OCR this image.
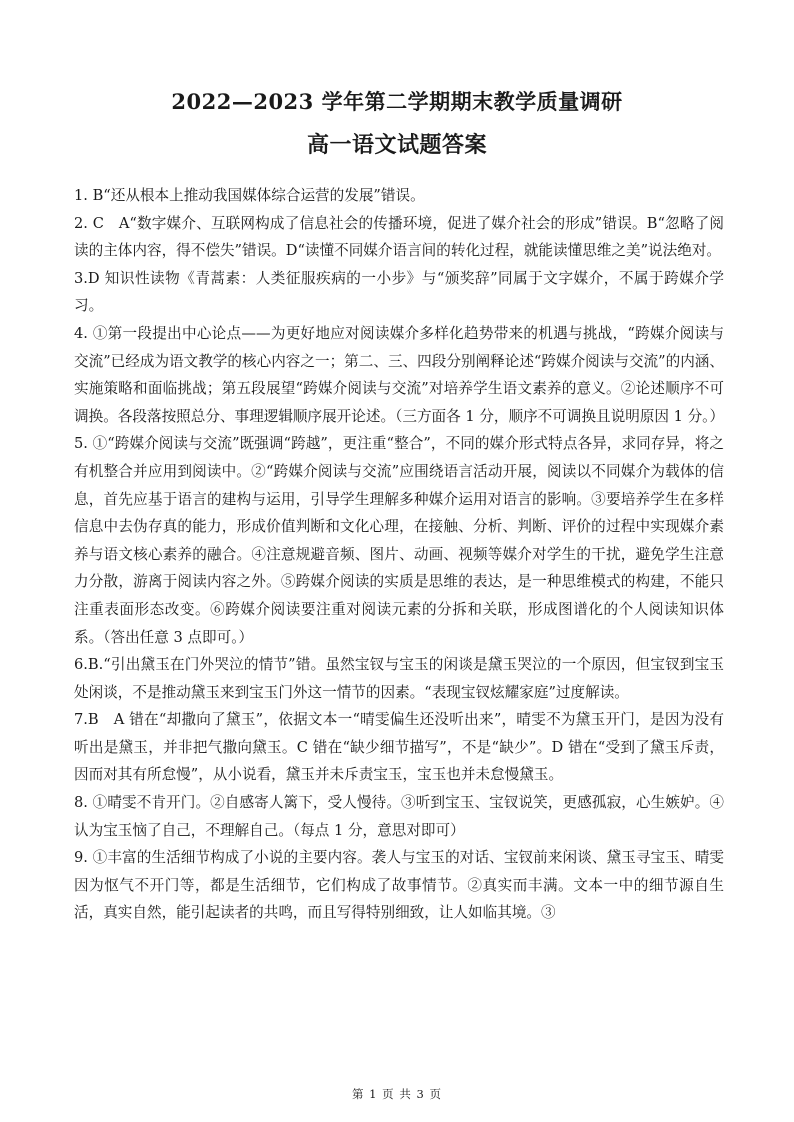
2022—2023 学年第二学期期末教学质量调研
高一语文试题答案

1. B“还从根本上推动我国媒体综合运营的发展”错误。

2. C　A“数字媒介、互联网构成了信息社会的传播环境，促进了媒介社会的形成”错误。B“忽略了阅读的主体内容，得不偿失”错误。D“读懂不同媒介语言间的转化过程，就能读懂思维之美”说法绝对。

3.D 知识性读物《青蒿素：人类征服疾病的一小步》与“颁奖辞”同属于文字媒介，不属于跨媒介学习。

4. ①第一段提出中心论点——为更好地应对阅读媒介多样化趋势带来的机遇与挑战，“跨媒介阅读与交流”已经成为语文教学的核心内容之一；第二、三、四段分别阐释论述“跨媒介阅读与交流”的内涵、实施策略和面临挑战；第五段展望“跨媒介阅读与交流”对培养学生语文素养的意义。②论述顺序不可调换。各段落按照总分、事理逻辑顺序展开论述。（三方面各 1 分，顺序不可调换且说明原因 1 分。）

5. ①“跨媒介阅读与交流”既强调“跨越”，更注重“整合”，不同的媒介形式特点各异，求同存异，将之有机整合并应用到阅读中。②“跨媒介阅读与交流”应围绕语言活动开展，阅读以不同媒介为载体的信息，首先应基于语言的建构与运用，引导学生理解多种媒介运用对语言的影响。③要培养学生在多样信息中去伪存真的能力，形成价值判断和文化心理，在接触、分析、判断、评价的过程中实现媒介素养与语文核心素养的融合。④注意规避音频、图片、动画、视频等媒介对学生的干扰，避免学生注意力分散，游离于阅读内容之外。⑤跨媒介阅读的实质是思维的表达，是一种思维模式的构建，不能只注重表面形态改变。⑥跨媒介阅读要注重对阅读元素的分拆和关联，形成图谱化的个人阅读知识体系。（答出任意 3 点即可。）

6.B.“引出黛玉在门外哭泣的情节”错。虽然宝钗与宝玉的闲谈是黛玉哭泣的一个原因，但宝钗到宝玉处闲谈，不是推动黛玉来到宝玉门外这一情节的因素。“表现宝钗炫耀家庭”过度解读。

7.B　A 错在“却撒向了黛玉”，依据文本一“晴雯偏生还没听出来”，晴雯不为黛玉开门，是因为没有听出是黛玉，并非把气撒向黛玉。C 错在“缺少细节描写”，不是“缺少”。D 错在“受到了黛玉斥责，因而对其有所怠慢”，从小说看，黛玉并未斥责宝玉，宝玉也并未怠慢黛玉。

8. ①晴雯不肯开门。②自感寄人篱下，受人慢待。③听到宝玉、宝钗说笑，更感孤寂，心生嫉妒。④认为宝玉恼了自己，不理解自己。（每点 1 分，意思对即可）

9. ①丰富的生活细节构成了小说的主要内容。袭人与宝玉的对话、宝钗前来闲谈、黛玉寻宝玉、晴雯因为怄气不开门等，都是生活细节，它们构成了故事情节。②真实而丰满。文本一中的细节源自生活，真实自然，能引起读者的共鸣，而且写得特别细致，让人如临其境。③

第 1 页 共 3 页
